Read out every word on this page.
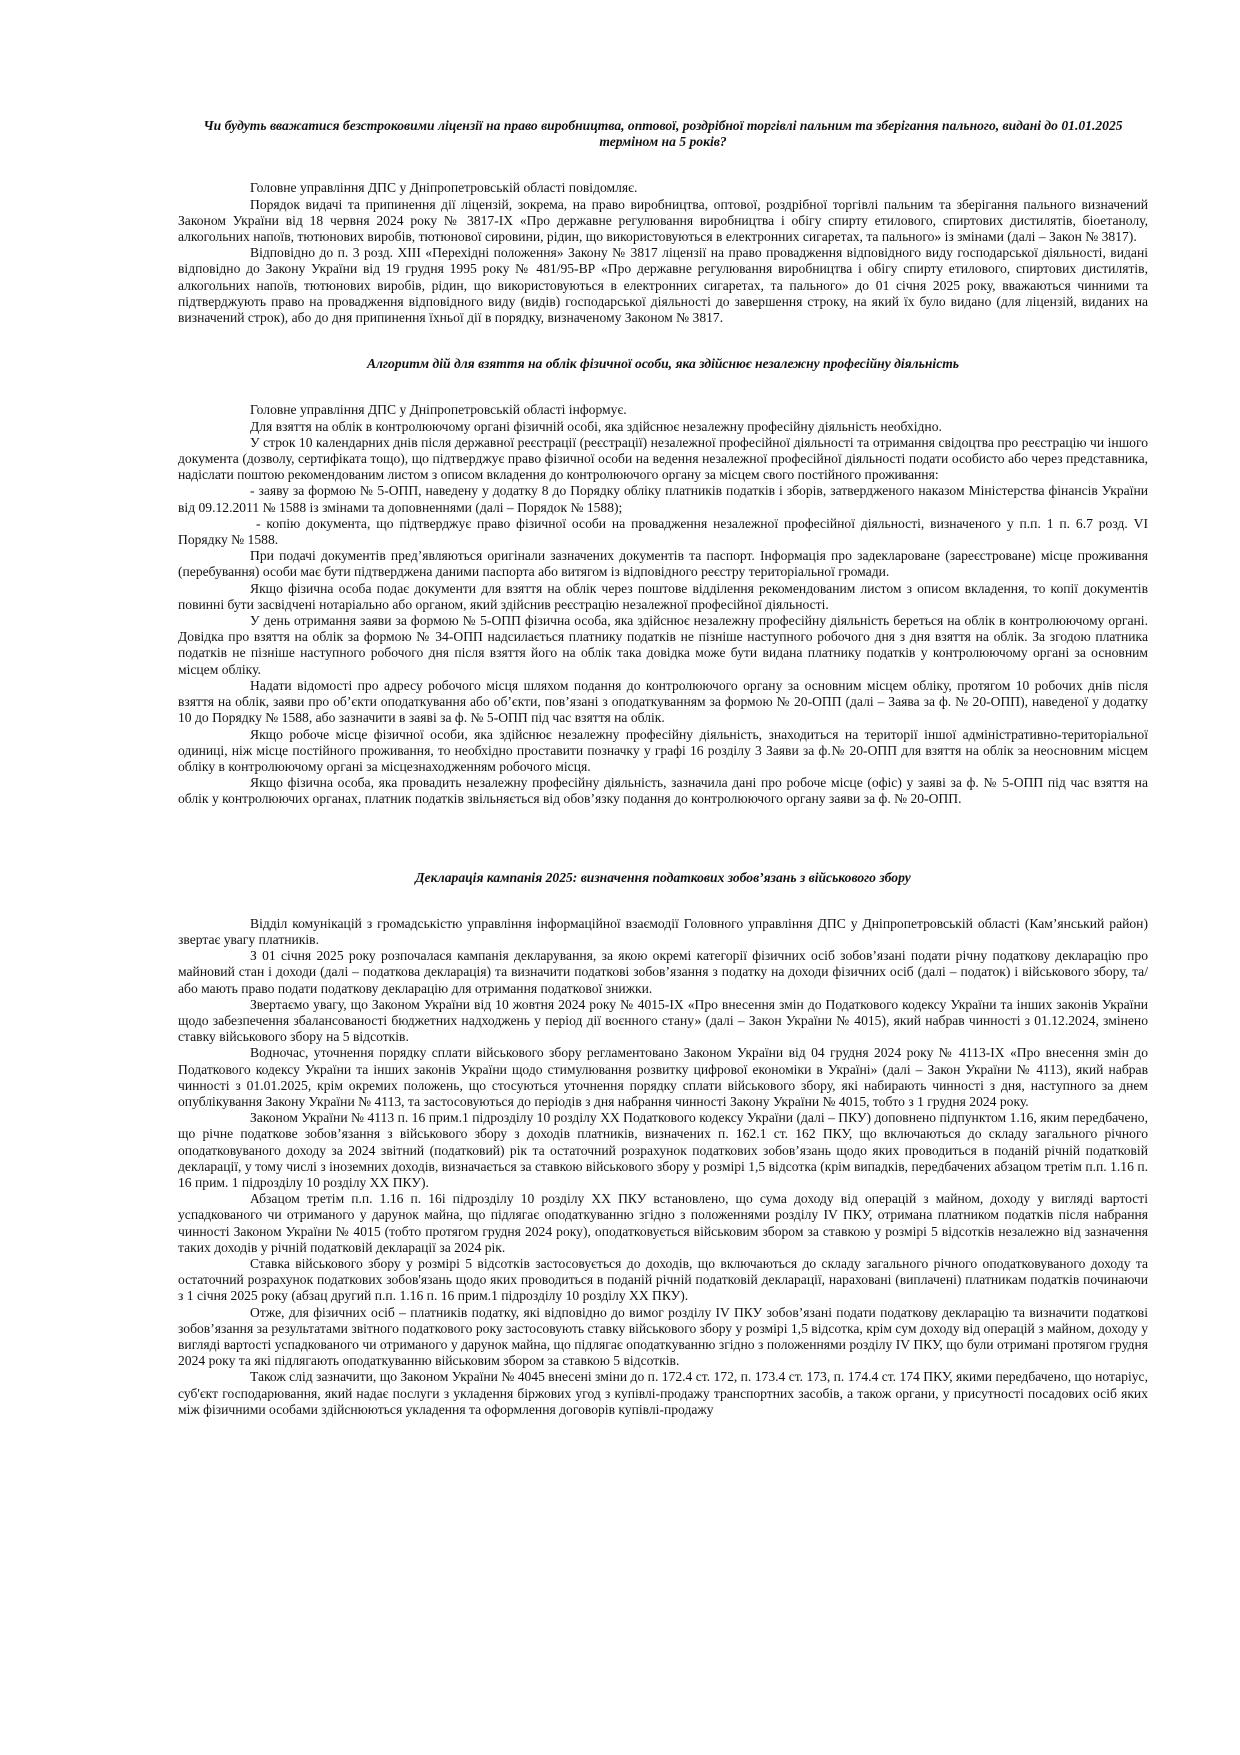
Чи будуть вважатися безстроковими ліцензії на право виробництва, оптової, роздрібної торгівлі пальним та зберігання пального, видані до 01.01.2025 терміном на 5 років?

Головне управління ДПС у Дніпропетровській області повідомляє.

Порядок видачі та припинення дії ліцензій, зокрема, на право виробництва, оптової, роздрібної торгівлі пальним та зберігання пального визначений Законом України від 18 червня 2024 року № 3817-IX «Про державне регулювання виробництва і обігу спирту етилового, спиртових дистилятів, біоетанолу, алкогольних напоїв, тютюнових виробів, тютюнової сировини, рідин, що використовуються в електронних сигаретах, та пального» із змінами (далі – Закон № 3817).

Відповідно до п. 3 розд. XIII «Перехідні положення» Закону № 3817 ліцензії на право провадження відповідного виду господарської діяльності, видані відповідно до Закону України від 19 грудня 1995 року № 481/95-ВР «Про державне регулювання виробництва і обігу спирту етилового, спиртових дистилятів, алкогольних напоїв, тютюнових виробів, рідин, що використовуються в електронних сигаретах, та пального» до 01 січня 2025 року, вважаються чинними та підтверджують право на провадження відповідного виду (видів) господарської діяльності до завершення строку, на який їх було видано (для ліцензій, виданих на визначений строк), або до дня припинення їхньої дії в порядку, визначеному Законом № 3817.

Алгоритм дій для взяття на облік фізичної особи, яка здійснює незалежну професійну діяльність

Головне управління ДПС у Дніпропетровській області інформує.

Для взяття на облік в контролюючому органі фізичній особі, яка здійснює незалежну професійну діяльність необхідно.

У строк 10 календарних днів після державної реєстрації (реєстрації) незалежної професійної діяльності та отримання свідоцтва про реєстрацію чи іншого документа (дозволу, сертифіката тощо), що підтверджує право фізичної особи на ведення незалежної професійної діяльності подати особисто або через представника, надіслати поштою рекомендованим листом з описом вкладення до контролюючого органу за місцем свого постійного проживання:

- заяву за формою № 5-ОПП, наведену у додатку 8 до Порядку обліку платників податків і зборів, затвердженого наказом Міністерства фінансів України від 09.12.2011 № 1588 із змінами та доповненнями (далі – Порядок № 1588);

- копію документа, що підтверджує право фізичної особи на провадження незалежної професійної діяльності, визначеного у п.п. 1 п. 6.7 розд. VI Порядку № 1588.

При подачі документів пред’являються оригінали зазначених документів та паспорт. Інформація про задеклароване (зареєстроване) місце проживання (перебування) особи має бути підтверджена даними паспорта або витягом із відповідного реєстру територіальної громади.

Якщо фізична особа подає документи для взяття на облік через поштове відділення рекомендованим листом з описом вкладення, то копії документів повинні бути засвідчені нотаріально або органом, який здійснив реєстрацію незалежної професійної діяльності.

У день отримання заяви за формою № 5-ОПП фізична особа, яка здійснює незалежну професійну діяльність береться на облік в контролюючому органі. Довідка про взяття на облік за формою № 34-ОПП надсилається платнику податків не пізніше наступного робочого дня з дня взяття на облік. За згодою платника податків не пізніше наступного робочого дня після взяття його на облік така довідка може бути видана платнику податків у контролюючому органі за основним місцем обліку.

Надати відомості про адресу робочого місця шляхом подання до контролюючого органу за основним місцем обліку, протягом 10 робочих днів після взяття на облік, заяви про об’єкти оподаткування або об’єкти, пов’язані з оподаткуванням за формою № 20-ОПП (далі – Заява за ф. № 20-ОПП), наведеної у додатку 10 до Порядку № 1588, або зазначити в заяві за ф. № 5-ОПП під час взяття на облік.

Якщо робоче місце фізичної особи, яка здійснює незалежну професійну діяльність, знаходиться на території іншої адміністративно-територіальної одиниці, ніж місце постійного проживання, то необхідно проставити позначку у графі 16 розділу 3 Заяви за ф.№ 20-ОПП для взяття на облік за неосновним місцем обліку в контролюючому органі за місцезнаходженням робочого місця.

Якщо фізична особа, яка провадить незалежну професійну діяльність, зазначила дані про робоче місце (офіс) у заяві за ф. № 5-ОПП під час взяття на облік у контролюючих органах, платник податків звільняється від обов’язку подання до контролюючого органу заяви за ф. № 20-ОПП.

Декларація кампанія 2025: визначення податкових зобов’язань з військового збору

Відділ комунікацій з громадськістю управління інформаційної взаємодії Головного управління ДПС у Дніпропетровській області (Кам’янський район) звертає увагу платників.

З 01 січня 2025 року розпочалася кампанія декларування, за якою окремі категорії фізичних осіб зобов’язані подати річну податкову декларацію про майновий стан і доходи (далі – податкова декларація) та визначити податкові зобов’язання з податку на доходи фізичних осіб (далі – податок) і військового збору, та/або мають право подати податкову декларацію для отримання податкової знижки.

Звертаємо увагу, що Законом України від 10 жовтня 2024 року № 4015-IX «Про внесення змін до Податкового кодексу України та інших законів України щодо забезпечення збалансованості бюджетних надходжень у період дії воєнного стану» (далі – Закон України № 4015), який набрав чинності з 01.12.2024, змінено ставку військового збору на 5 відсотків.

Водночас, уточнення порядку сплати військового збору регламентовано Законом України від 04 грудня 2024 року № 4113-IX «Про внесення змін до Податкового кодексу України та інших законів України щодо стимулювання розвитку цифрової економіки в Україні» (далі – Закон України № 4113), який набрав чинності з 01.01.2025, крім окремих положень, що стосуються уточнення порядку сплати військового збору, які набирають чинності з дня, наступного за днем опублікування Закону України № 4113, та застосовуються до періодів з дня набрання чинності Закону України № 4015, тобто з 1 грудня 2024 року.

Законом України № 4113 п. 16 прим.1 підрозділу 10 розділу XX Податкового кодексу України (далі – ПКУ) доповнено підпунктом 1.16, яким передбачено, що річне податкове зобов’язання з військового збору з доходів платників, визначених п. 162.1 ст. 162 ПКУ, що включаються до складу загального річного оподатковуваного доходу за 2024 звітний (податковий) рік та остаточний розрахунок податкових зобов’язань щодо яких проводиться в поданій річній податковій декларації, у тому числі з іноземних доходів, визначається за ставкою військового збору у розмірі 1,5 відсотка (крім випадків, передбачених абзацом третім п.п. 1.16 п. 16 прим. 1 підрозділу 10 розділу XX ПКУ).

Абзацом третім п.п. 1.16 п. 16і підрозділу 10 розділу XX ПКУ встановлено, що сума доходу від операцій з майном, доходу у вигляді вартості успадкованого чи отриманого у дарунок майна, що підлягає оподаткуванню згідно з положеннями розділу IV ПКУ, отримана платником податків після набрання чинності Законом України № 4015 (тобто протягом грудня 2024 року), оподатковується військовим збором за ставкою у розмірі 5 відсотків незалежно від зазначення таких доходів у річній податковій декларації за 2024 рік.

Ставка військового збору у розмірі 5 відсотків застосовується до доходів, що включаються до складу загального річного оподатковуваного доходу та остаточний розрахунок податкових зобов'язань щодо яких проводиться в поданій річній податковій декларації, нараховані (виплачені) платникам податків починаючи з 1 січня 2025 року (абзац другий п.п. 1.16 п. 16 прим.1 підрозділу 10 розділу XX ПКУ).

Отже, для фізичних осіб – платників податку, які відповідно до вимог розділу IV ПКУ зобов’язані подати податкову декларацію та визначити податкові зобов’язання за результатами звітного податкового року застосовують ставку військового збору у розмірі 1,5 відсотка, крім сум доходу від операцій з майном, доходу у вигляді вартості успадкованого чи отриманого у дарунок майна, що підлягає оподаткуванню згідно з положеннями розділу IV ПКУ, що були отримані протягом грудня 2024 року та які підлягають оподаткуванню військовим збором за ставкою 5 відсотків.

Також слід зазначити, що Законом України № 4045 внесені зміни до п. 172.4 ст. 172, п. 173.4 ст. 173, п. 174.4 ст. 174 ПКУ, якими передбачено, що нотаріус, суб'єкт господарювання, який надає послуги з укладення біржових угод з купівлі-продажу транспортних засобів, а також органи, у присутності посадових осіб яких між фізичними особами здійснюються укладення та оформлення договорів купівлі-продажу
